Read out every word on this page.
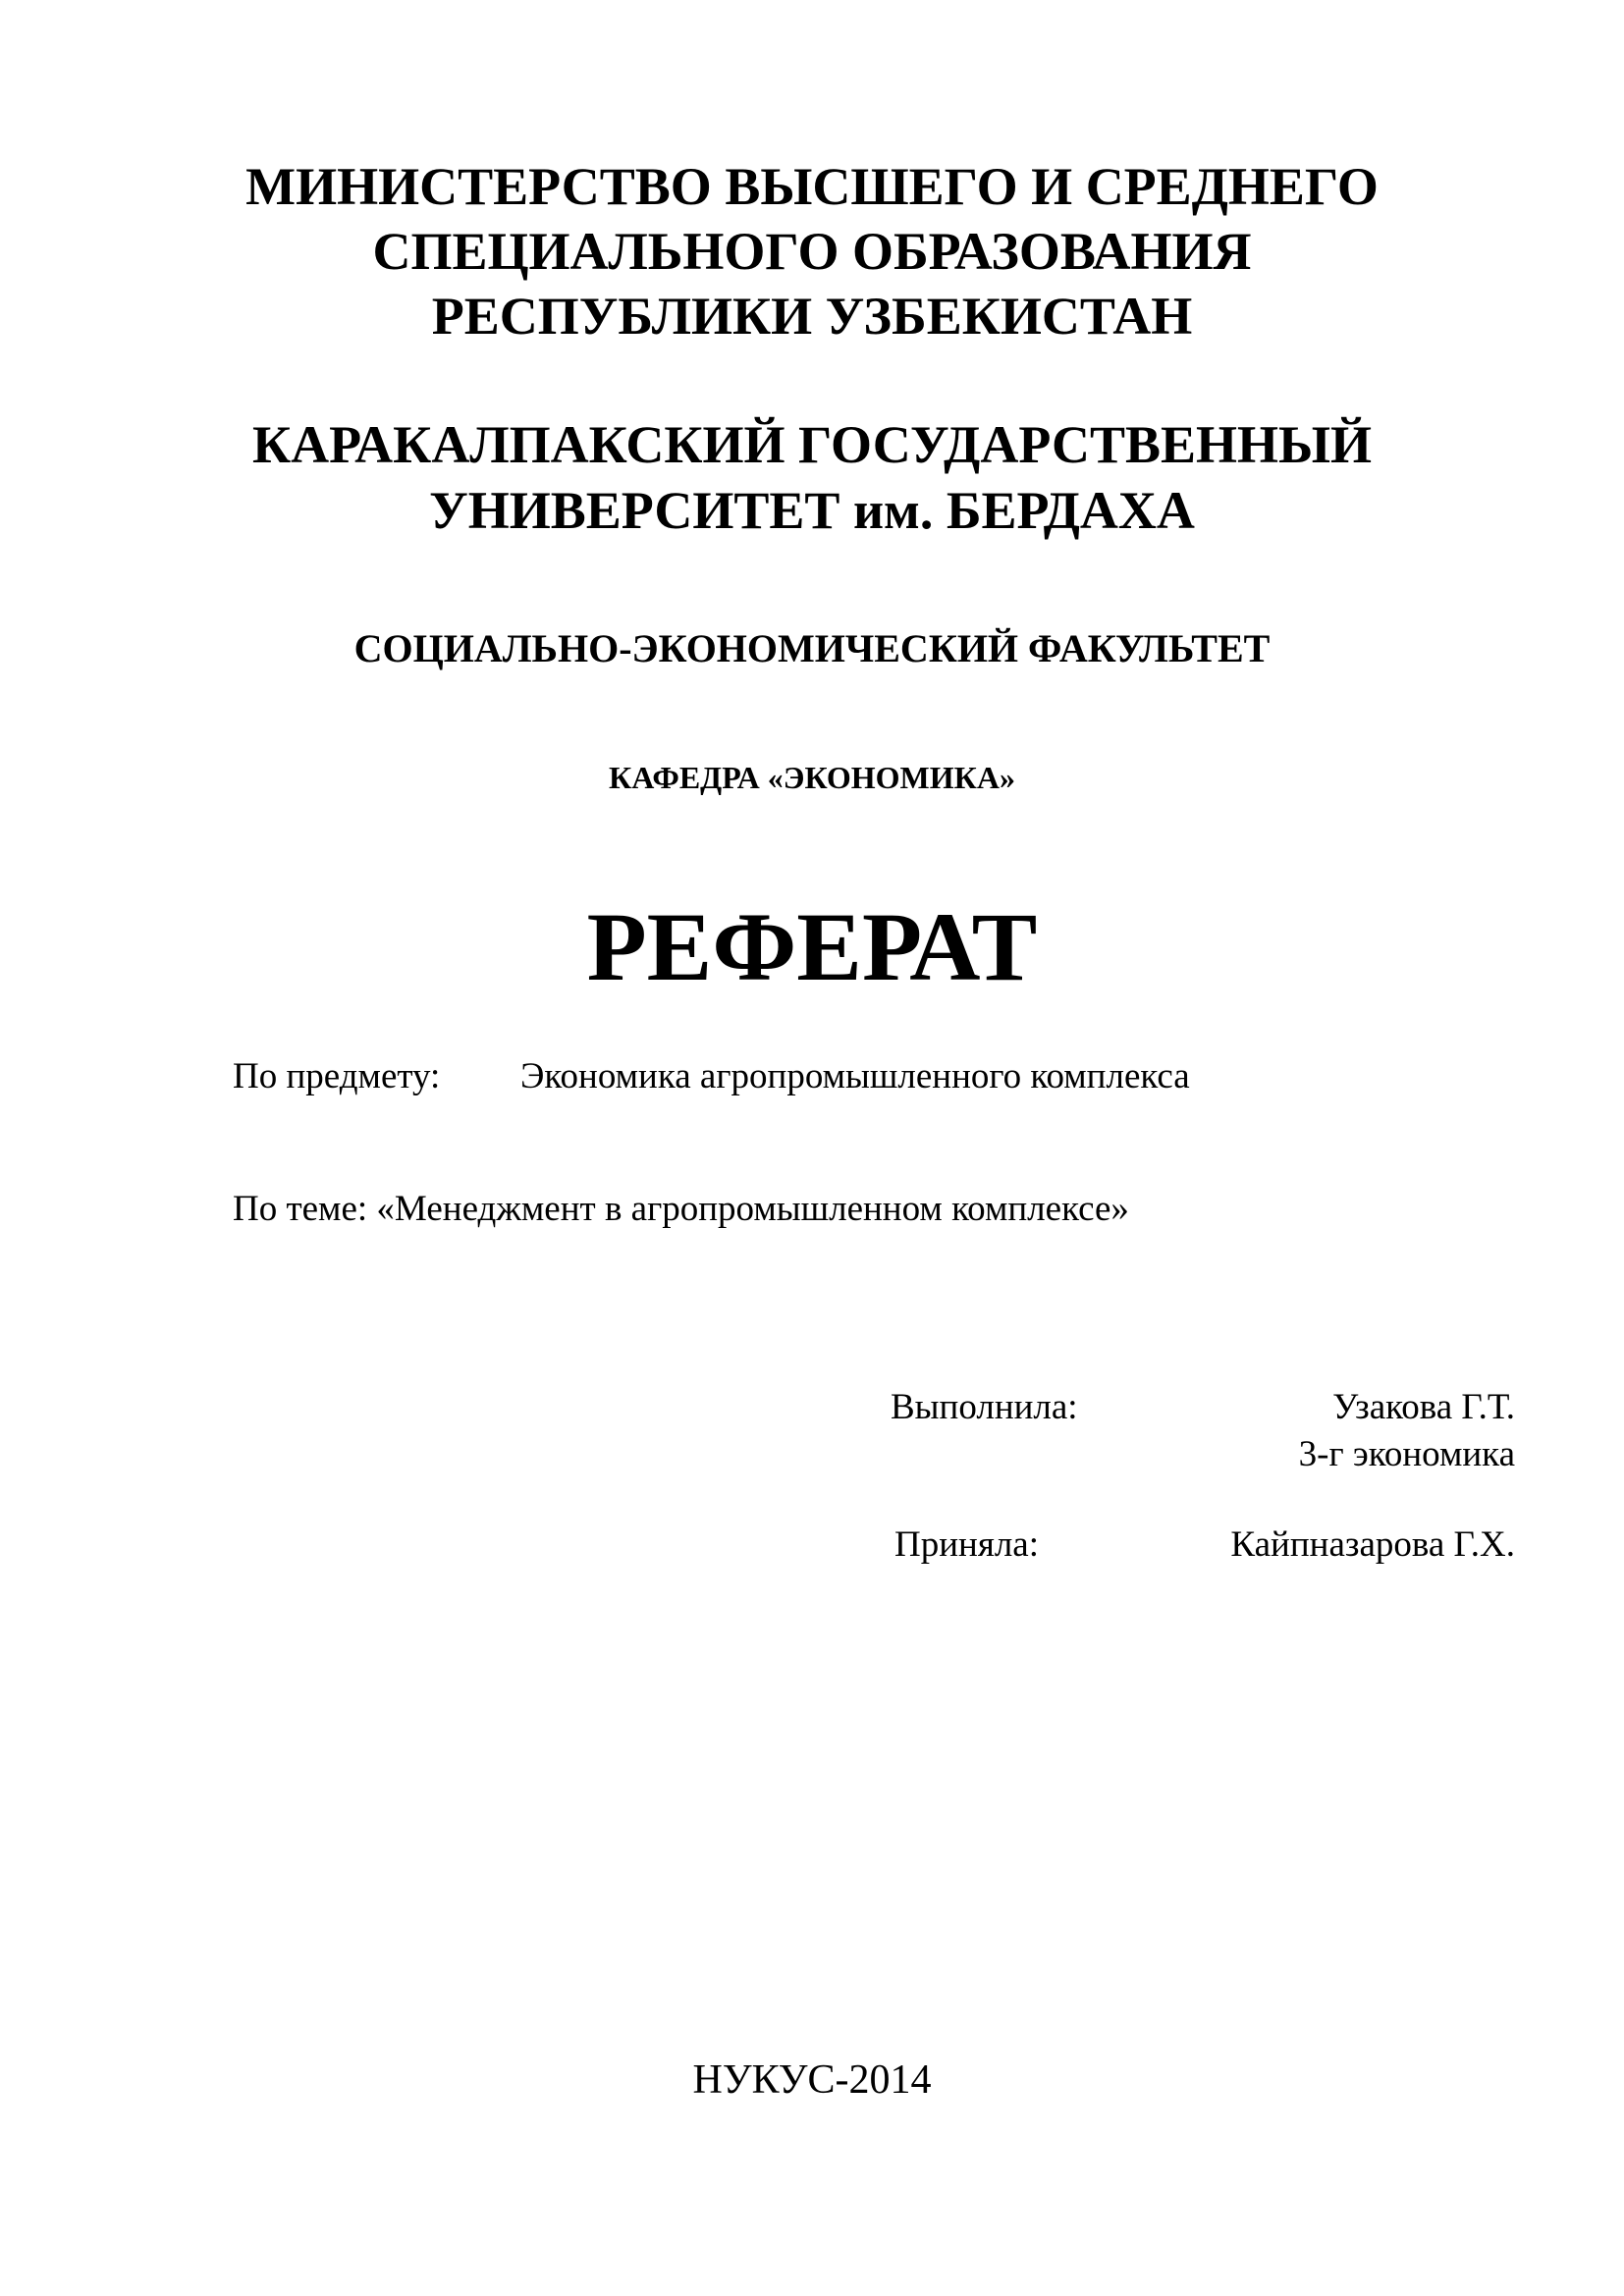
МИНИСТЕРСТВО ВЫСШЕГО И СРЕДНЕГО
СПЕЦИАЛЬНОГО ОБРАЗОВАНИЯ
РЕСПУБЛИКИ УЗБЕКИСТАН
КАРАКАЛПАКСКИЙ ГОСУДАРСТВЕННЫЙ
УНИВЕРСИТЕТ им. БЕРДАХА
СОЦИАЛЬНО-ЭКОНОМИЧЕСКИЙ ФАКУЛЬТЕТ
КАФЕДРА «ЭКОНОМИКА»
РЕФЕРАТ
По предмету: Экономика агропромышленного комплекса
По теме: «Менеджмент в агропромышленном комплексе»
Выполнила:	Узакова Г.Т.
3-г экономика
Приняла:	Кайпназарова Г.Х.
НУКУС-2014
